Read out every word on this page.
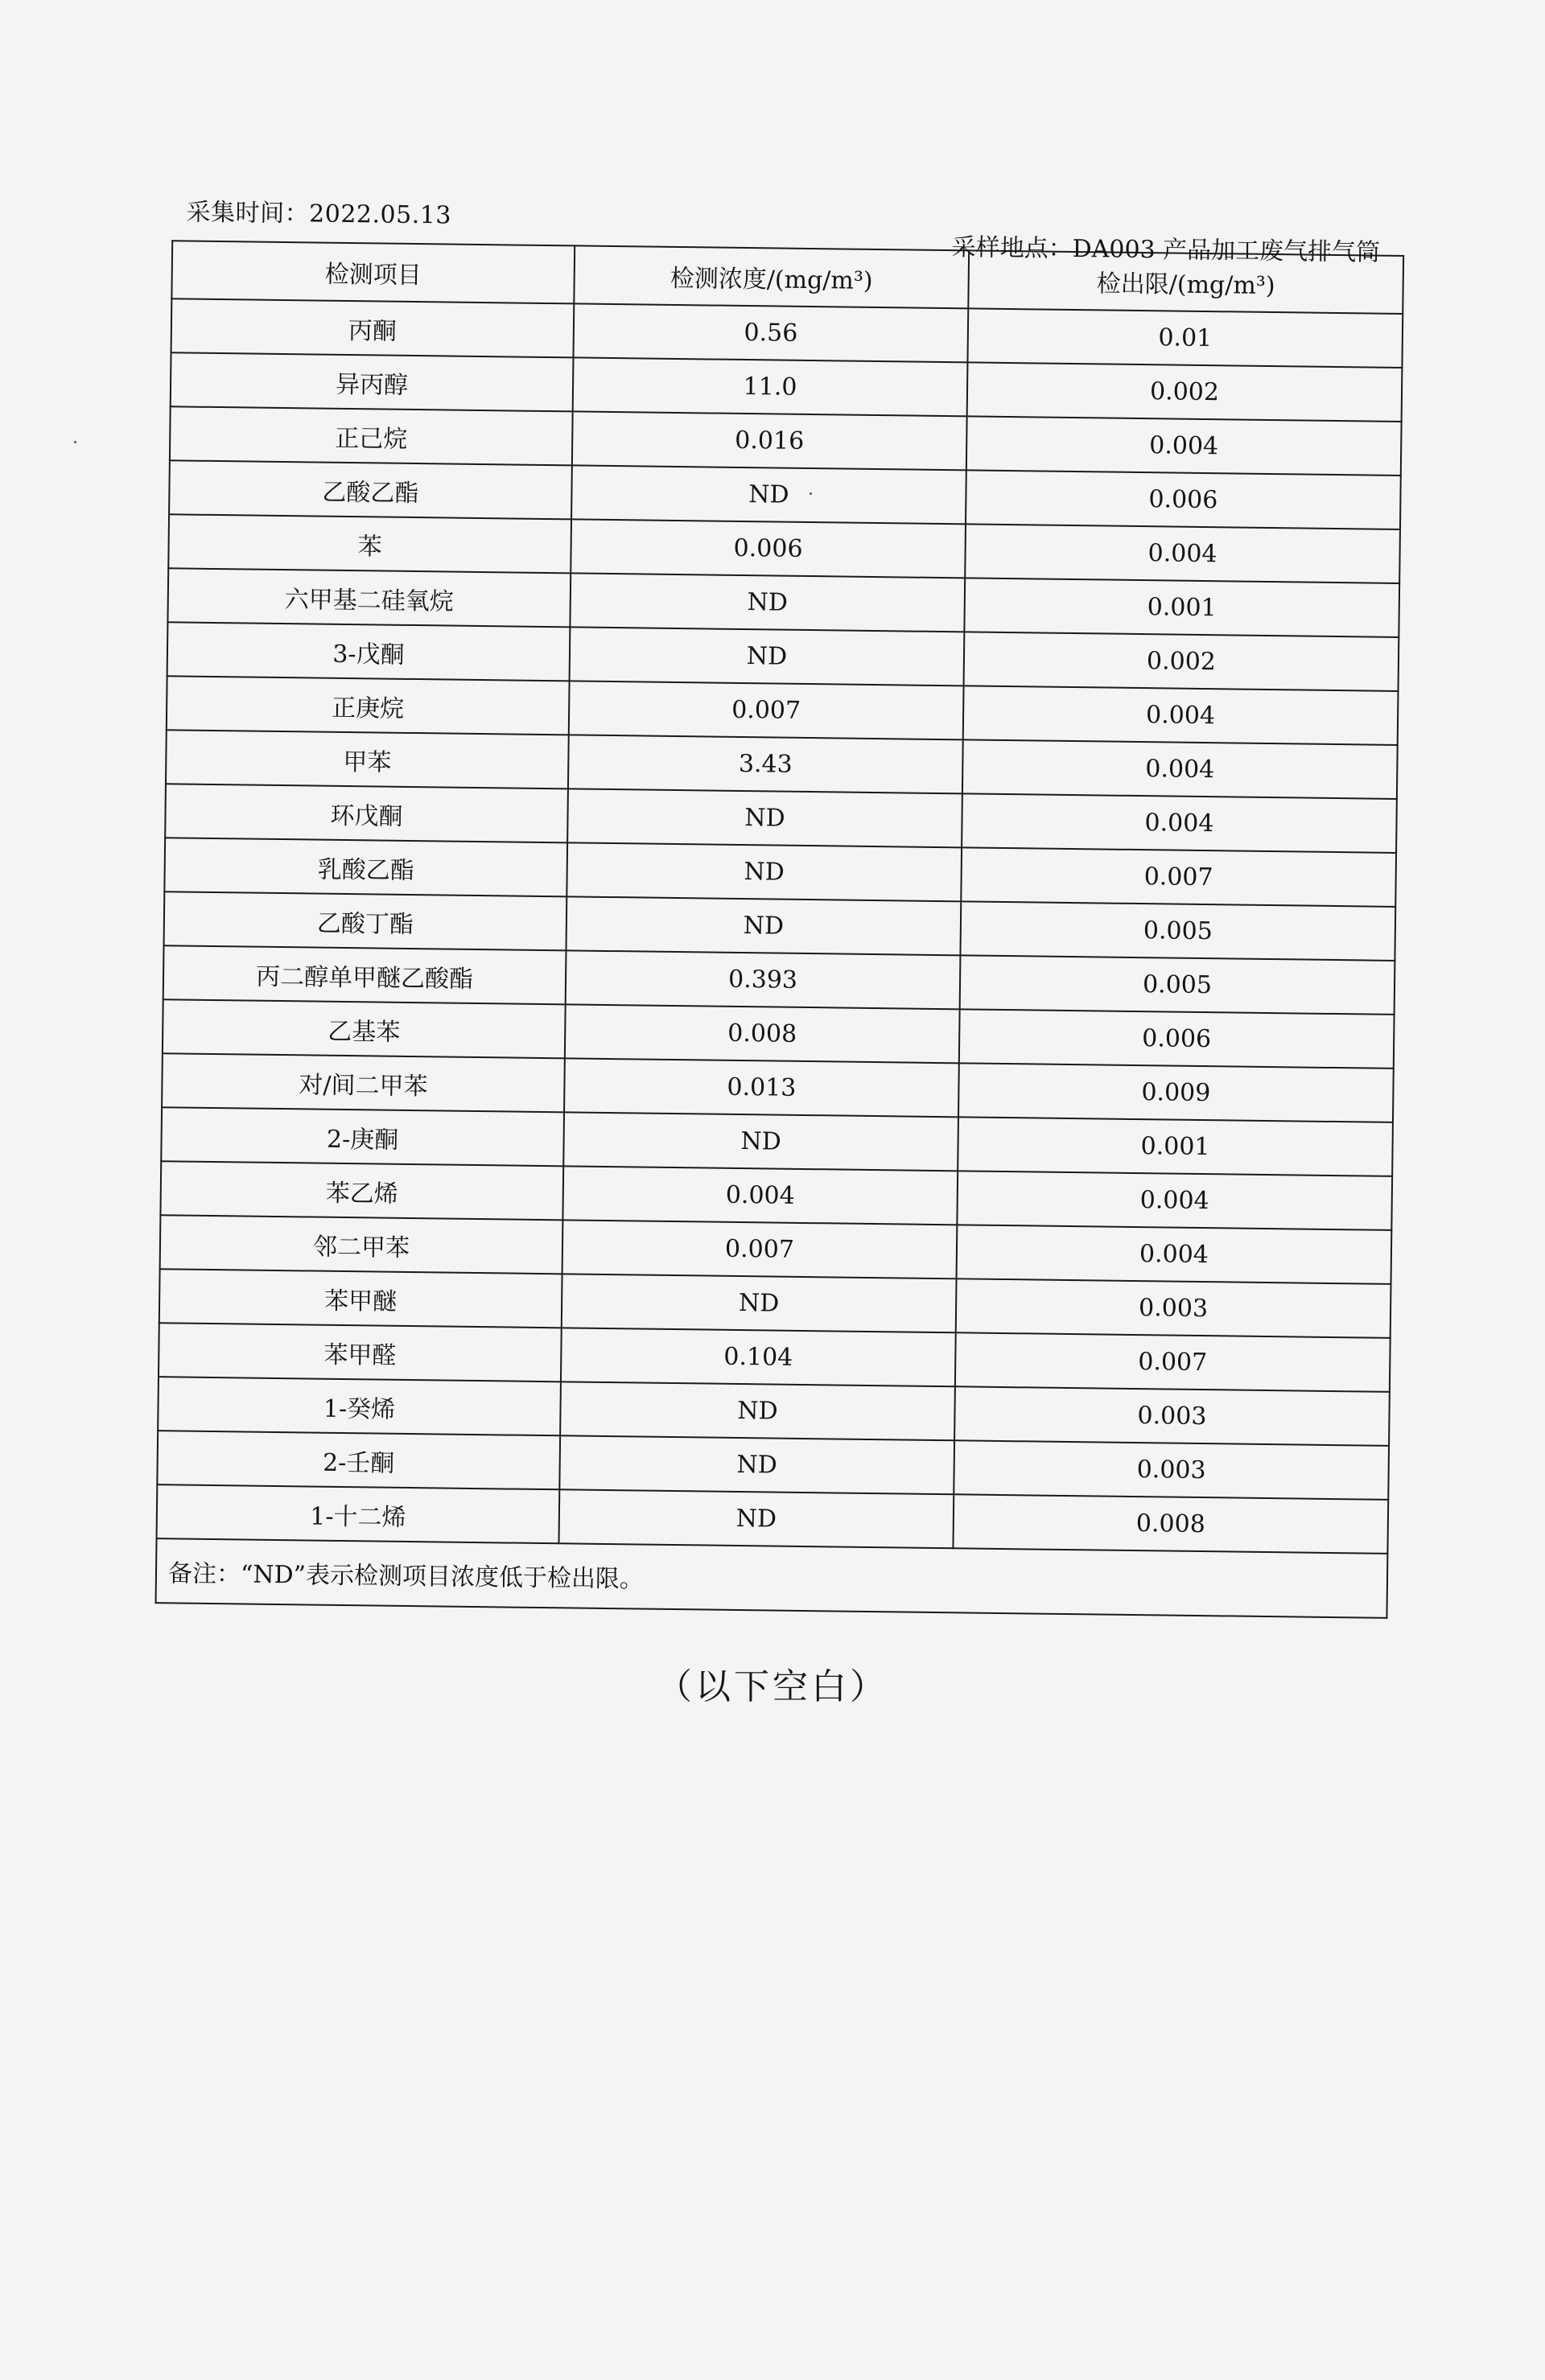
采集时间：2022.05.13
采样地点：DA003 产品加工废气排气筒
检测项目	检测浓度/(mg/m³)	检出限/(mg/m³)
丙酮	0.56	0.01
异丙醇	11.0	0.002
正己烷	0.016	0.004
乙酸乙酯	ND	0.006
苯	0.006	0.004
六甲基二硅氧烷	ND	0.001
3-戊酮	ND	0.002
正庚烷	0.007	0.004
甲苯	3.43	0.004
环戊酮	ND	0.004
乳酸乙酯	ND	0.007
乙酸丁酯	ND	0.005
丙二醇单甲醚乙酸酯	0.393	0.005
乙基苯	0.008	0.006
对/间二甲苯	0.013	0.009
2-庚酮	ND	0.001
苯乙烯	0.004	0.004
邻二甲苯	0.007	0.004
苯甲醚	ND	0.003
苯甲醛	0.104	0.007
1-癸烯	ND	0.003
2-壬酮	ND	0.003
1-十二烯	ND	0.008
备注：“ND”表示检测项目浓度低于检出限。		
（以下空白）
